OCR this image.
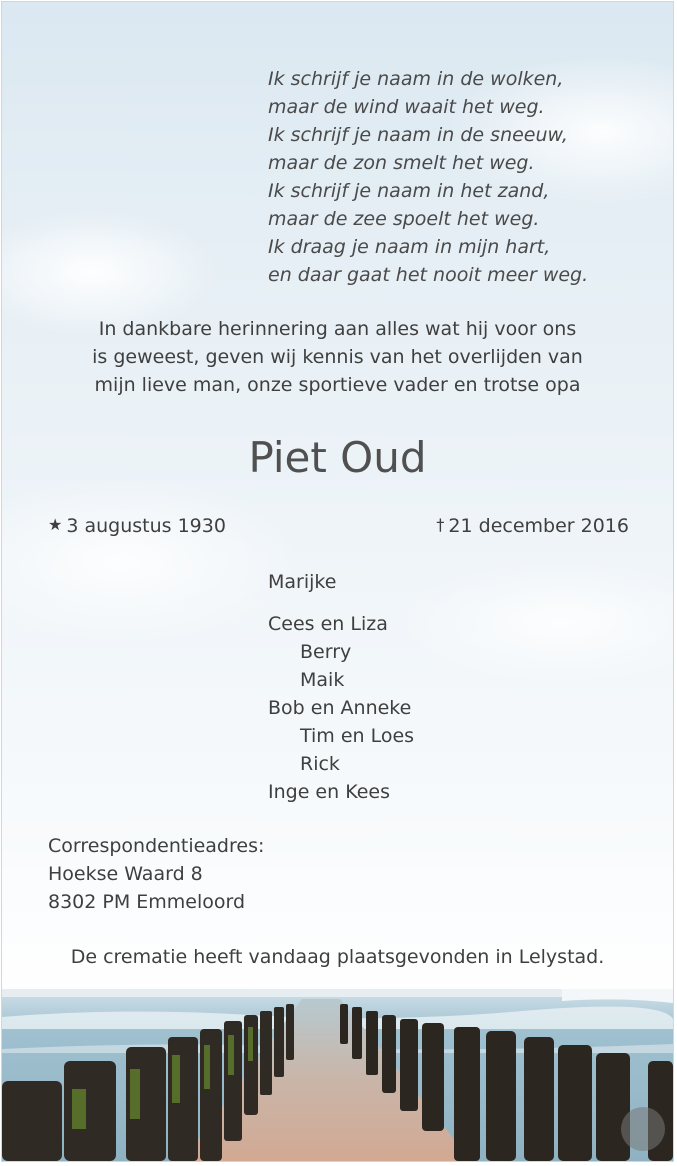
Ik schrijf je naam in de wolken,
maar de wind waait het weg.
Ik schrijf je naam in de sneeuw,
maar de zon smelt het weg.
Ik schrijf je naam in het zand,
maar de zee spoelt het weg.
Ik draag je naam in mijn hart,
en daar gaat het nooit meer weg.
In dankbare herinnering aan alles wat hij voor ons
is geweest, geven wij kennis van het overlijden van
mijn lieve man, onze sportieve vader en trotse opa
Piet Oud
★ 3 augustus 1930	† 21 december 2016
Marijke
Cees en Liza
Berry
Maik
Bob en Anneke
Tim en Loes
Rick
Inge en Kees
Correspondentieadres:
Hoekse Waard 8
8302 PM Emmeloord
De crematie heeft vandaag plaatsgevonden in Lelystad.
